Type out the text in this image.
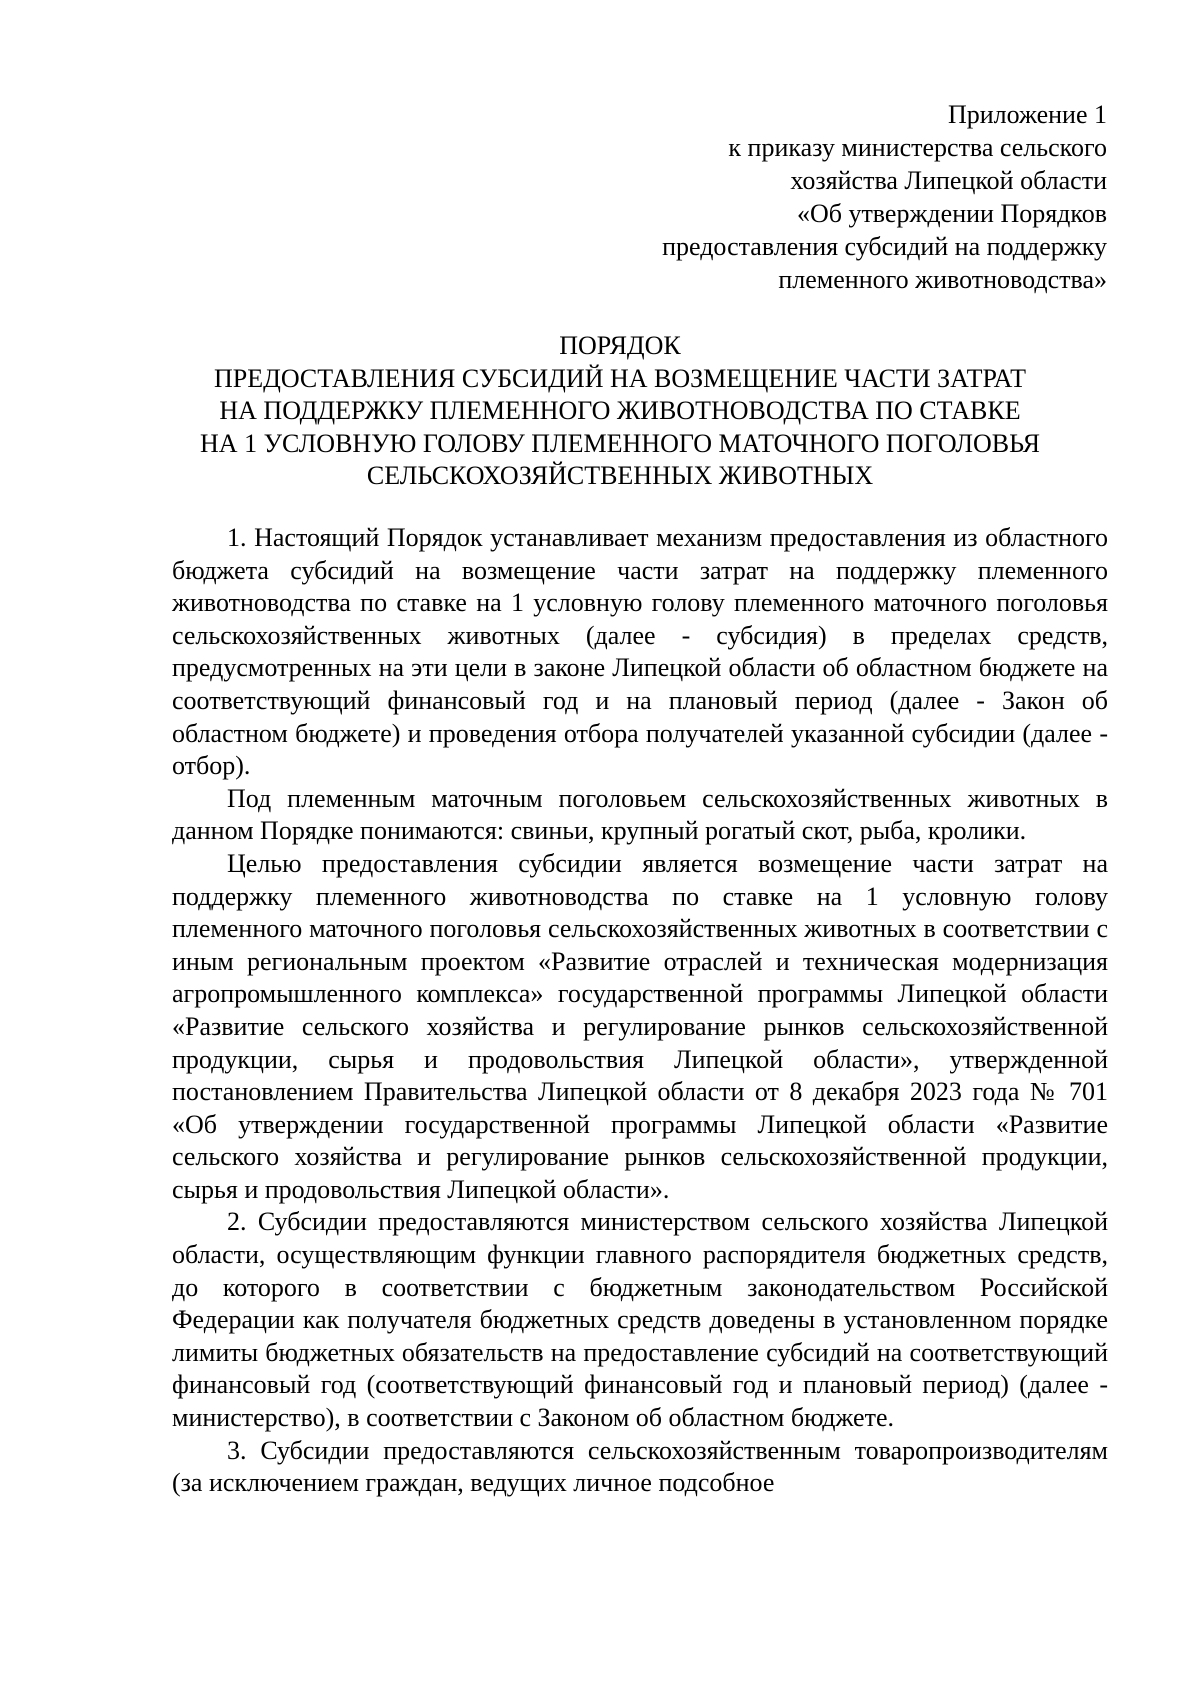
Приложение 1
к приказу министерства сельского
хозяйства Липецкой области
«Об утверждении Порядков
предоставления субсидий на поддержку
племенного животноводства»
ПОРЯДОК
ПРЕДОСТАВЛЕНИЯ СУБСИДИЙ НА ВОЗМЕЩЕНИЕ ЧАСТИ ЗАТРАТ
НА ПОДДЕРЖКУ ПЛЕМЕННОГО ЖИВОТНОВОДСТВА ПО СТАВКЕ
НА 1 УСЛОВНУЮ ГОЛОВУ ПЛЕМЕННОГО МАТОЧНОГО ПОГОЛОВЬЯ
СЕЛЬСКОХОЗЯЙСТВЕННЫХ ЖИВОТНЫХ

1. Настоящий Порядок устанавливает механизм предоставления из областного бюджета субсидий на возмещение части затрат на поддержку племенного животноводства по ставке на 1 условную голову племенного маточного поголовья сельскохозяйственных животных (далее - субсидия) в пределах средств, предусмотренных на эти цели в законе Липецкой области об областном бюджете на соответствующий финансовый год и на плановый период (далее - Закон об областном бюджете) и проведения отбора получателей указанной субсидии (далее - отбор).

Под племенным маточным поголовьем сельскохозяйственных животных в данном Порядке понимаются: свиньи, крупный рогатый скот, рыба, кролики.

Целью предоставления субсидии является возмещение части затрат на поддержку племенного животноводства по ставке на 1 условную голову племенного маточного поголовья сельскохозяйственных животных в соответствии с иным региональным проектом «Развитие отраслей и техническая модернизация агропромышленного комплекса» государственной программы Липецкой области «Развитие сельского хозяйства и регулирование рынков сельскохозяйственной продукции, сырья и продовольствия Липецкой области», утвержденной постановлением Правительства Липецкой области от 8 декабря 2023 года № 701 «Об утверждении государственной программы Липецкой области «Развитие сельского хозяйства и регулирование рынков сельскохозяйственной продукции, сырья и продовольствия Липецкой области».

2. Субсидии предоставляются министерством сельского хозяйства Липецкой области, осуществляющим функции главного распорядителя бюджетных средств, до которого в соответствии с бюджетным законодательством Российской Федерации как получателя бюджетных средств доведены в установленном порядке лимиты бюджетных обязательств на предоставление субсидий на соответствующий финансовый год (соответствующий финансовый год и плановый период) (далее - министерство), в соответствии с Законом об областном бюджете.

3. Субсидии предоставляются сельскохозяйственным товаропроизводителям (за исключением граждан, ведущих личное подсобное
